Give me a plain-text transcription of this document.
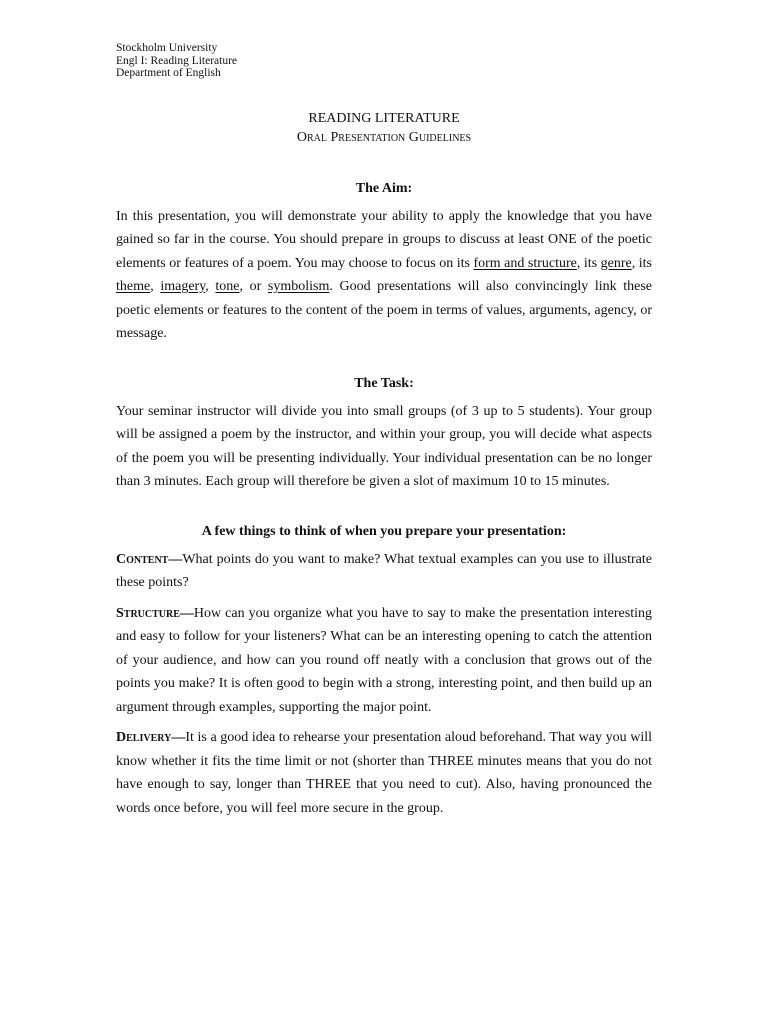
Stockholm University
Engl I: Reading Literature
Department of English
READING LITERATURE
Oral Presentation Guidelines
The Aim:

In this presentation, you will demonstrate your ability to apply the knowledge that you have gained so far in the course. You should prepare in groups to discuss at least ONE of the poetic elements or features of a poem. You may choose to focus on its form and structure, its genre, its theme, imagery, tone, or symbolism. Good presentations will also convincingly link these poetic elements or features to the content of the poem in terms of values, arguments, agency, or message.

The Task:

Your seminar instructor will divide you into small groups (of 3 up to 5 students). Your group will be assigned a poem by the instructor, and within your group, you will decide what aspects of the poem you will be presenting individually. Your individual presentation can be no longer than 3 minutes. Each group will therefore be given a slot of maximum 10 to 15 minutes.

A few things to think of when you prepare your presentation:

Content—What points do you want to make? What textual examples can you use to illustrate these points?

Structure—How can you organize what you have to say to make the presentation interesting and easy to follow for your listeners? What can be an interesting opening to catch the attention of your audience, and how can you round off neatly with a conclusion that grows out of the points you make? It is often good to begin with a strong, interesting point, and then build up an argument through examples, supporting the major point.

Delivery—It is a good idea to rehearse your presentation aloud beforehand. That way you will know whether it fits the time limit or not (shorter than THREE minutes means that you do not have enough to say, longer than THREE that you need to cut). Also, having pronounced the words once before, you will feel more secure in the group.
